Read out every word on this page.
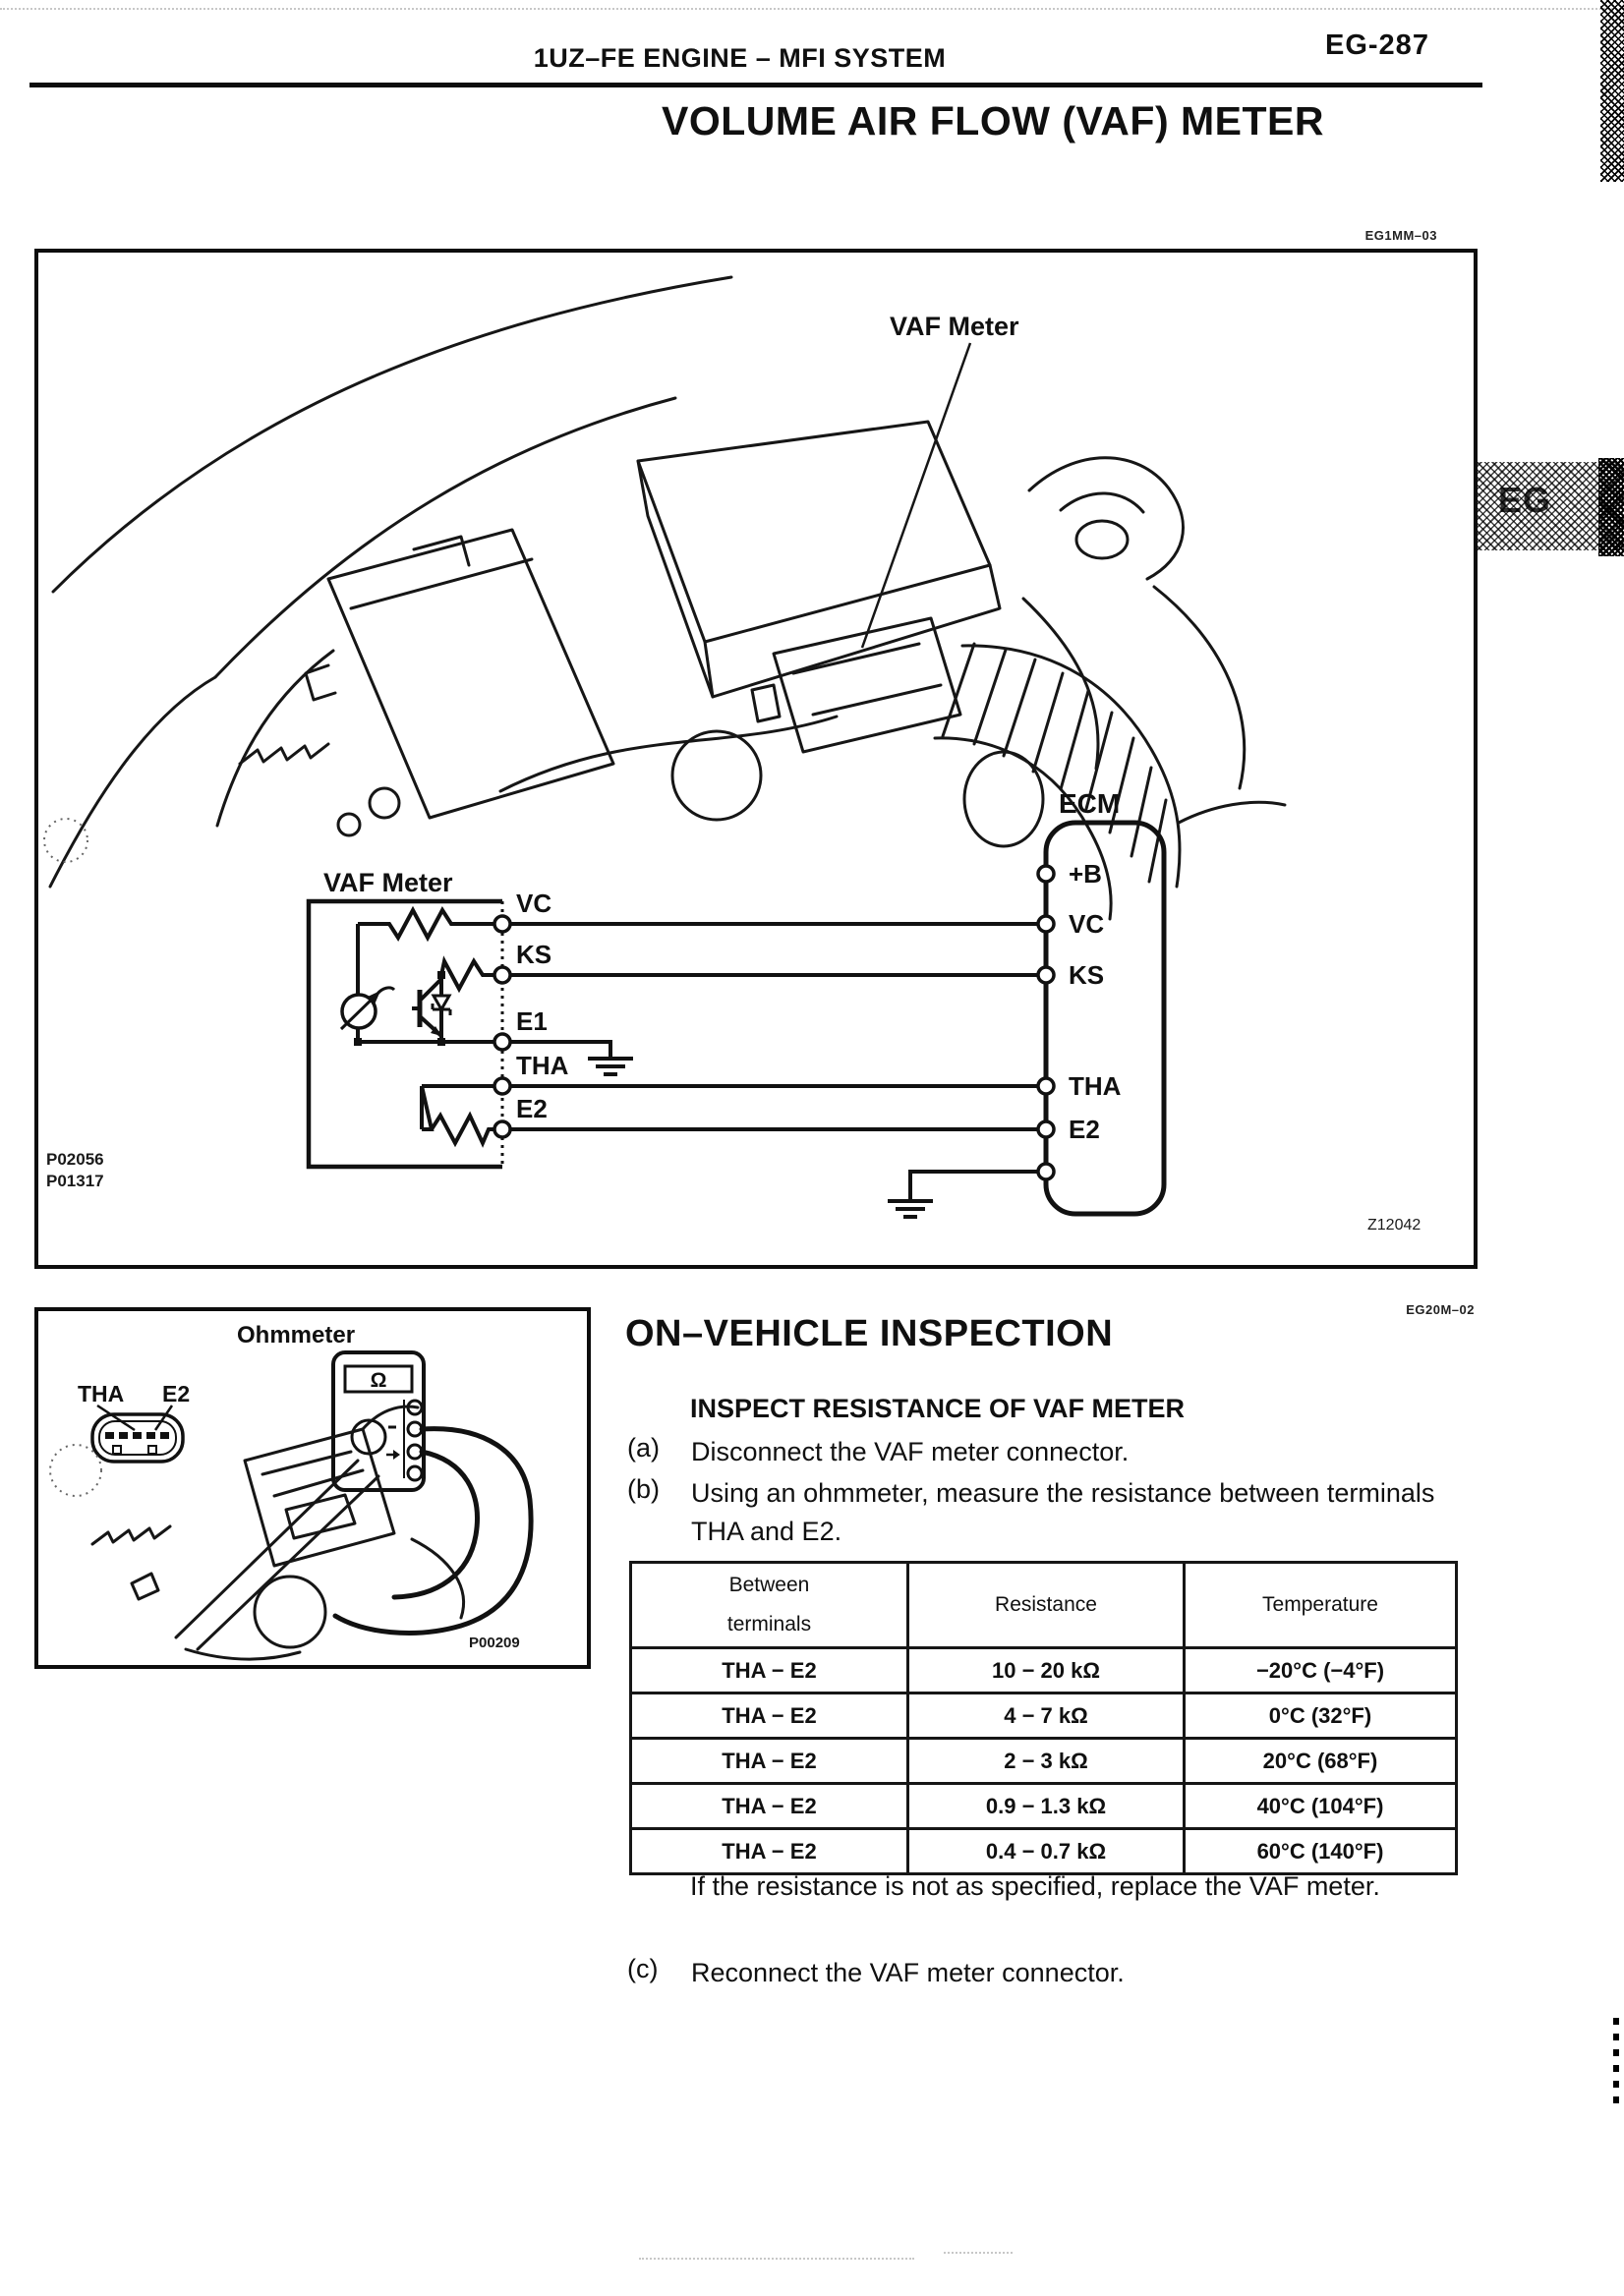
EG
1UZ–FE ENGINE – MFI SYSTEM	EG-287
VOLUME AIR FLOW (VAF) METER
EG1MM–03
VAF Meter
VAF Meter
VC
KS
E1
THA
E2
ECM
+B
VC
KS
THA
E2
P02056
P01317
Z12042
Ohmmeter
Ω
THA E2
P00209
EG20M–02
ON–VEHICLE INSPECTION
INSPECT RESISTANCE OF VAF METER
(a) Disconnect the VAF meter connector.
(b) Using an ohmmeter, measure the resistance between terminals THA and E2.
Between terminals	Resistance	Temperature
THA − E2	10 − 20 kΩ	−20°C (−4°F)
THA − E2	4 − 7 kΩ	0°C (32°F)
THA − E2	2 − 3 kΩ	20°C (68°F)
THA − E2	0.9 − 1.3 kΩ	40°C (104°F)
THA − E2	0.4 − 0.7 kΩ	60°C (140°F)
If the resistance is not as specified, replace the VAF meter.
(c) Reconnect the VAF meter connector.
